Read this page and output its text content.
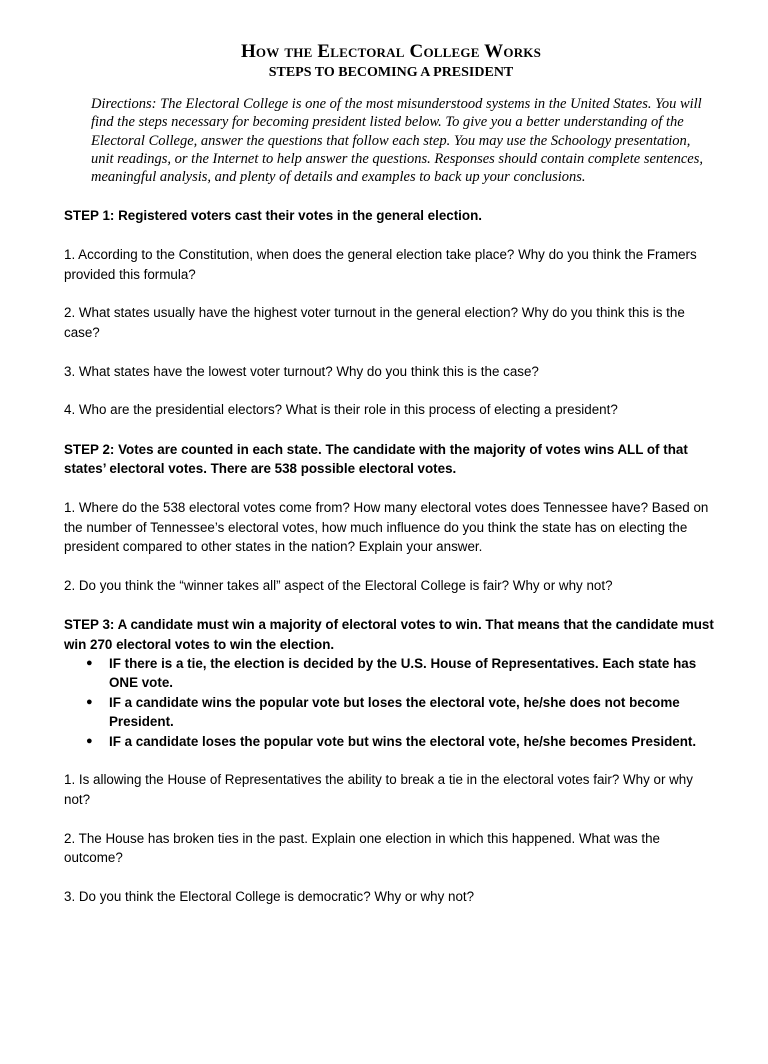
How the Electoral College Works
STEPS TO BECOMING A PRESIDENT

Directions: The Electoral College is one of the most misunderstood systems in the United States. You will find the steps necessary for becoming president listed below. To give you a better understanding of the Electoral College, answer the questions that follow each step. You may use the Schoology presentation, unit readings, or the Internet to help answer the questions. Responses should contain complete sentences, meaningful analysis, and plenty of details and examples to back up your conclusions.

STEP 1: Registered voters cast their votes in the general election.
1. According to the Constitution, when does the general election take place? Why do you think the Framers provided this formula?
2. What states usually have the highest voter turnout in the general election? Why do you think this is the case?
3. What states have the lowest voter turnout? Why do you think this is the case?
4. Who are the presidential electors? What is their role in this process of electing a president?
STEP 2: Votes are counted in each state. The candidate with the majority of votes wins ALL of that states’ electoral votes. There are 538 possible electoral votes.
1. Where do the 538 electoral votes come from? How many electoral votes does Tennessee have? Based on the number of Tennessee’s electoral votes, how much influence do you think the state has on electing the president compared to other states in the nation? Explain your answer.
2. Do you think the “winner takes all” aspect of the Electoral College is fair? Why or why not?
STEP 3: A candidate must win a majority of electoral votes to win. That means that the candidate must win 270 electoral votes to win the election.
● IF there is a tie, the election is decided by the U.S. House of Representatives. Each state has ONE vote.
● IF a candidate wins the popular vote but loses the electoral vote, he/she does not become President.
● IF a candidate loses the popular vote but wins the electoral vote, he/she becomes President.
1. Is allowing the House of Representatives the ability to break a tie in the electoral votes fair? Why or why not?
2. The House has broken ties in the past. Explain one election in which this happened. What was the outcome?
3. Do you think the Electoral College is democratic? Why or why not?
